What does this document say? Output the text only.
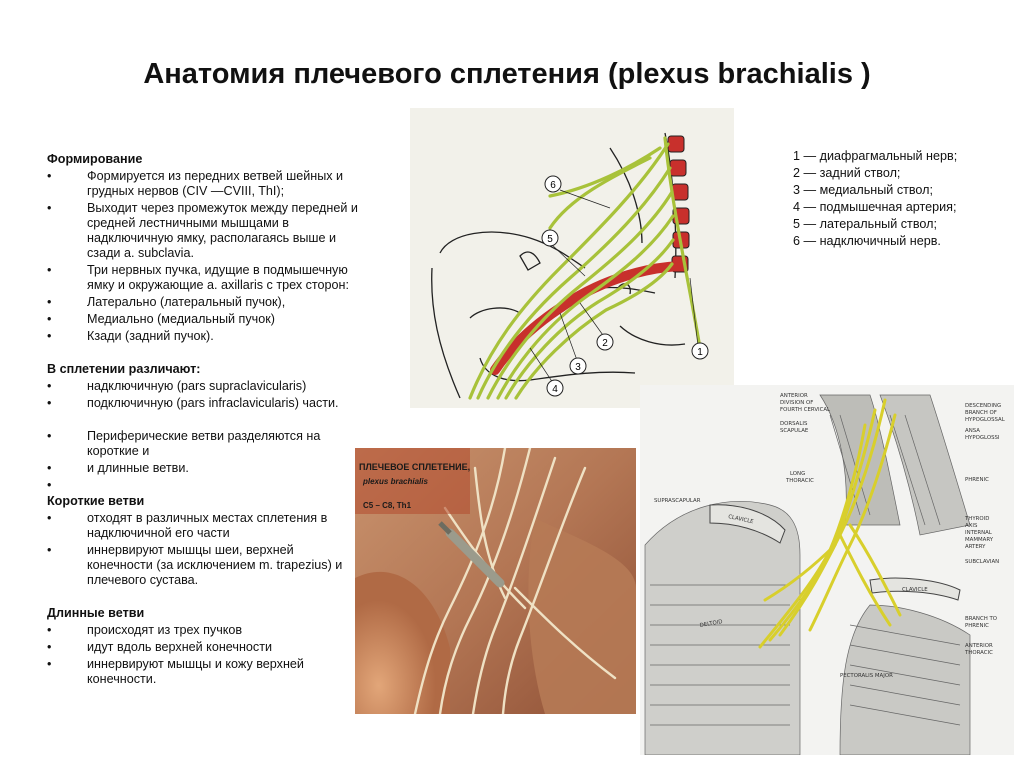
Анатомия плечевого сплетения (plexus brachialis )
Формирование
• Формируется из передних ветвей шейных и грудных нервов (CIV —CVIII, ThI);
• Выходит через промежуток между передней и средней лестничными мышцами в надключичную ямку, располагаясь выше и сзади a. subclavia.
• Три нервных пучка, идущие в подмышечную ямку и окружающие a. axillaris с трех сторон:
• Латерально (латеральный пучок),
• Медиально (медиальный пучок)
• Кзади (задний пучок).
В сплетении различают:
• надключичную (pars supraclavicularis)
• подключичную (pars infraclavicularis) части.
• Периферические ветви разделяются на короткие и
• и длинные ветви.
•
Короткие ветви
• отходят в различных местах сплетения в надключичной его части
• иннервируют мышцы шеи, верхней конечности (за исключением m. trapezius) и плечевого сустава.
Длинные ветви
• происходят из трех пучков
• идут вдоль верхней конечности
• иннервируют мышцы и кожу верхней конечности.
6
5
2
3
4
1
1 — диафрагмальный нерв;
2 — задний ствол;
3 — медиальный ствол;
4 — подмышечная артерия;
5 — латеральный ствол;
6 — надключичный нерв.
ПЛЕЧЕВОЕ СПЛЕТЕНИЕ,
plexus brachialis
C5 – C8, Th1
ANTERIOR
DIVISION OF
FOURTH CERVICAL
DORSALIS
SCAPULAE
LONG
THORACIC
SUPRASCAPULAR
DESCENDING
BRANCH OF
HYPOGLOSSAL
ANSA
HYPOGLOSSI
PHRENIC
THYROID
AXIS
INTERNAL
MAMMARY
ARTERY
SUBCLAVIAN
BRANCH TO
PHRENIC
ANTERIOR
THORACIC
CLAVICLE
CLAVICLE
DELTOID
PECTORALIS MAJOR
